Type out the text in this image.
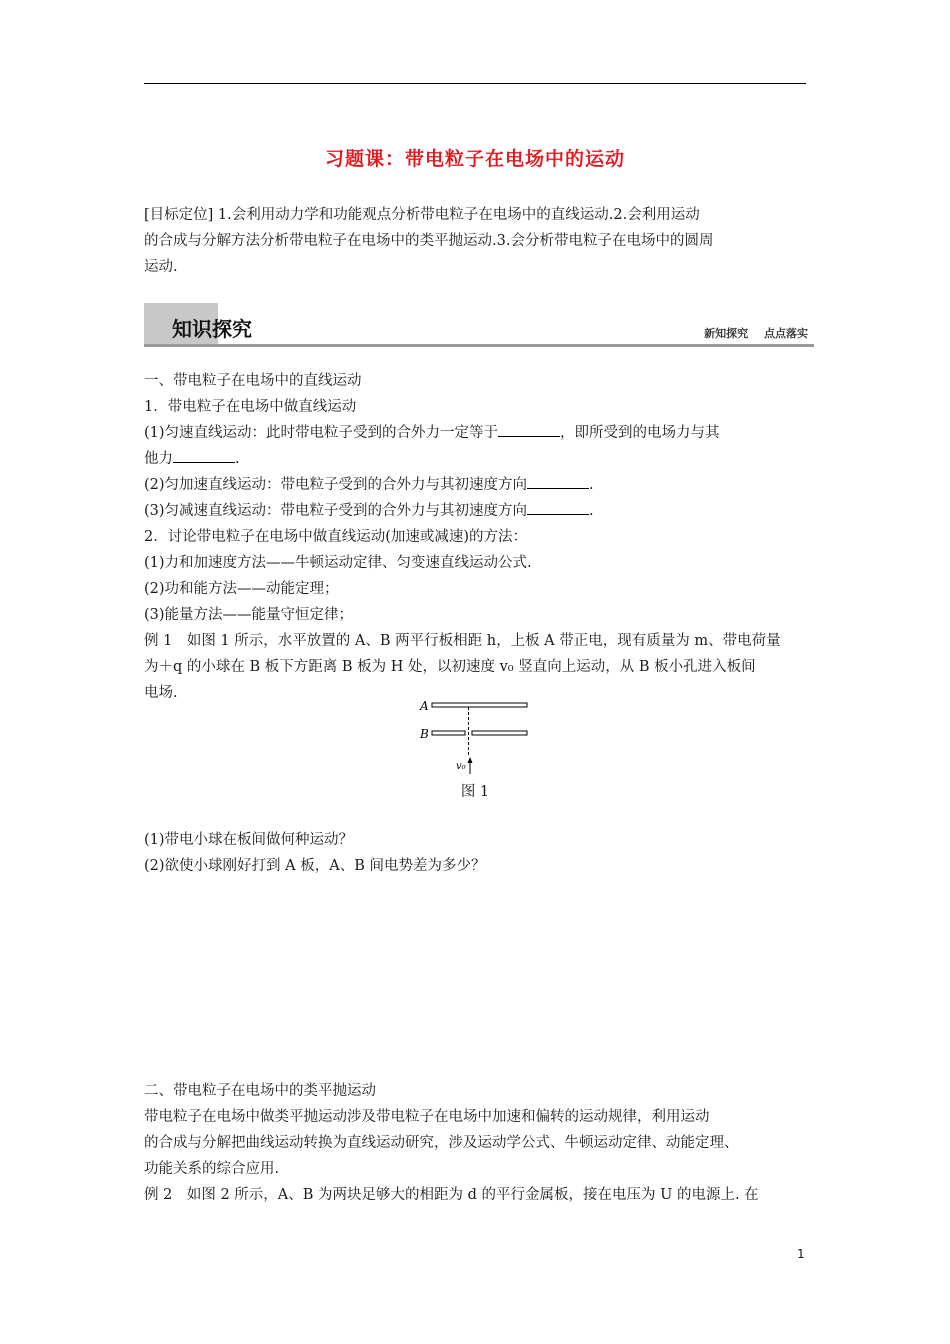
习题课：带电粒子在电场中的运动
[目标定位] 1.会利用动力学和功能观点分析带电粒子在电场中的直线运动.2.会利用运动
的合成与分解方法分析带电粒子在电场中的类平抛运动.3.会分析带电粒子在电场中的圆周
运动.
知识探究	新知探究 点点落实
一、带电粒子在电场中的直线运动
1．带电粒子在电场中做直线运动
(1)匀速直线运动：此时带电粒子受到的合外力一定等于	，即所受到的电场力与其
他力	.
(2)匀加速直线运动：带电粒子受到的合外力与其初速度方向	.
(3)匀减速直线运动：带电粒子受到的合外力与其初速度方向	.
2．讨论带电粒子在电场中做直线运动(加速或减速)的方法：
(1)力和加速度方法——牛顿运动定律、匀变速直线运动公式.
(2)功和能方法——动能定理；
(3)能量方法——能量守恒定律；
例 1　如图 1 所示，水平放置的 A、B 两平行板相距 h，上板 A 带正电，现有质量为 m、带电荷量
为＋q 的小球在 B 板下方距离 B 板为 H 处，以初速度 v₀ 竖直向上运动，从 B 板小孔进入板间
电场.
A
B
v₀
图 1
(1)带电小球在板间做何种运动？
(2)欲使小球刚好打到 A 板，A、B 间电势差为多少？
二、带电粒子在电场中的类平抛运动
带电粒子在电场中做类平抛运动涉及带电粒子在电场中加速和偏转的运动规律，利用运动
的合成与分解把曲线运动转换为直线运动研究，涉及运动学公式、牛顿运动定律、动能定理、
功能关系的综合应用.
例 2　如图 2 所示，A、B 为两块足够大的相距为 d 的平行金属板，接在电压为 U 的电源上. 在
1
